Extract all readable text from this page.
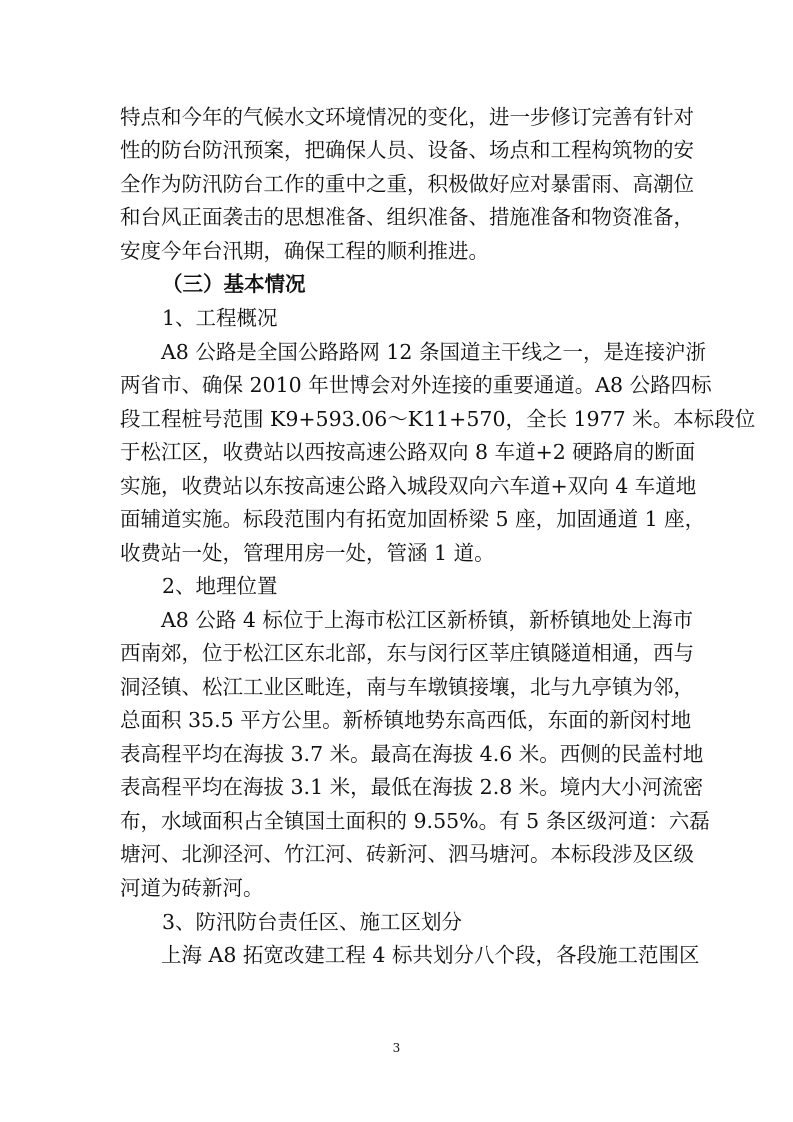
特点和今年的气候水文环境情况的变化，进一步修订完善有针对
性的防台防汛预案，把确保人员、设备、场点和工程构筑物的安
全作为防汛防台工作的重中之重，积极做好应对暴雷雨、高潮位
和台风正面袭击的思想准备、组织准备、措施准备和物资准备，
安度今年台汛期，确保工程的顺利推进。
（三）基本情况
1、工程概况
A8 公路是全国公路路网 12 条国道主干线之一，是连接沪浙
两省市、确保 2010 年世博会对外连接的重要通道。A8 公路四标
段工程桩号范围 K9+593.06～K11+570，全长 1977 米。本标段位
于松江区，收费站以西按高速公路双向 8 车道+2 硬路肩的断面
实施，收费站以东按高速公路入城段双向六车道+双向 4 车道地
面辅道实施。标段范围内有拓宽加固桥梁 5 座，加固通道 1 座，
收费站一处，管理用房一处，管涵 1 道。
2、地理位置
A8 公路 4 标位于上海市松江区新桥镇，新桥镇地处上海市
西南郊，位于松江区东北部，东与闵行区莘庄镇隧道相通，西与
洞泾镇、松江工业区毗连，南与车墩镇接壤，北与九亭镇为邻，
总面积 35.5 平方公里。新桥镇地势东高西低，东面的新闵村地
表高程平均在海拔 3.7 米。最高在海拔 4.6 米。西侧的民盖村地
表高程平均在海拔 3.1 米，最低在海拔 2.8 米。境内大小河流密
布，水域面积占全镇国土面积的 9.55%。有 5 条区级河道：六磊
塘河、北泖泾河、竹江河、砖新河、泗马塘河。本标段涉及区级
河道为砖新河。
3、防汛防台责任区、施工区划分
上海 A8 拓宽改建工程 4 标共划分八个段，各段施工范围区
3
